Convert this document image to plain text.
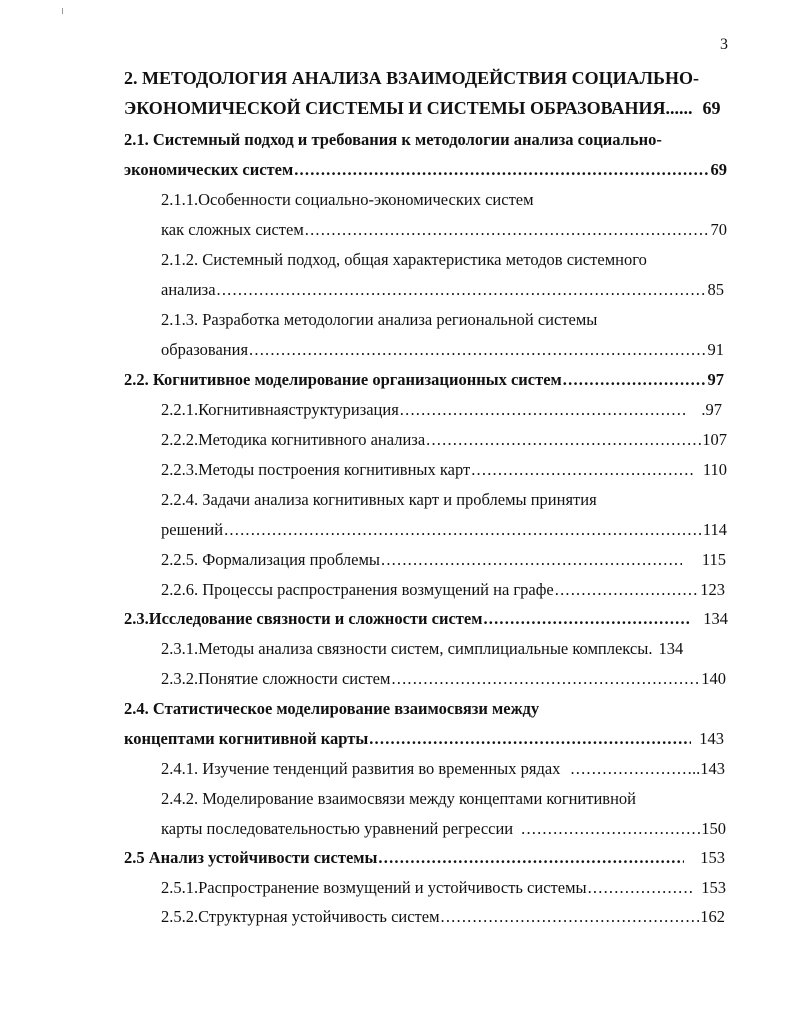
3
2. МЕТОДОЛОГИЯ АНАЛИЗА ВЗАИМОДЕЙСТВИЯ СОЦИАЛЬНО-
ЭКОНОМИЧЕСКОЙ СИСТЕМЫ И СИСТЕМЫ ОБРАЗОВАНИЯ ...... 69
2.1. Системный подход и требования к методологии анализа социально-
экономических систем .....	69
2.1.1.Особенности социально-экономических систем
как сложных систем .....	70
2.1.2. Системный подход, общая характеристика методов системного
анализа .....	85
2.1.3. Разработка методологии анализа региональной системы
образования .....	91
2.2. Когнитивное моделирование организационных систем .....	97
2.2.1.Когнитивнаяструктуризация .....	.97
2.2.2.Методика когнитивного анализа .....	107
2.2.3.Методы построения когнитивных карт .....	110
2.2.4. Задачи анализа когнитивных карт и проблемы принятия
решений .....	114
2.2.5. Формализация проблемы .....	115
2.2.6. Процессы распространения возмущений на графе .....	123
2.3.Исследование связности и сложности систем .....	134
2.3.1.Методы анализа связности систем, симплициальные комплексы. 134
2.3.2.Понятие сложности систем .....	140
2.4. Статистическое моделирование взаимосвязи между
концептами когнитивной карты .....	143
2.4.1. Изучение тенденций развития во временных рядах .....	..143
2.4.2. Моделирование взаимосвязи между концептами когнитивной
карты последовательностью уравнений регрессии .....	150
2.5 Анализ устойчивости системы .....	153
2.5.1.Распространение возмущений и устойчивость системы .....	153
2.5.2.Структурная устойчивость систем .....	162
